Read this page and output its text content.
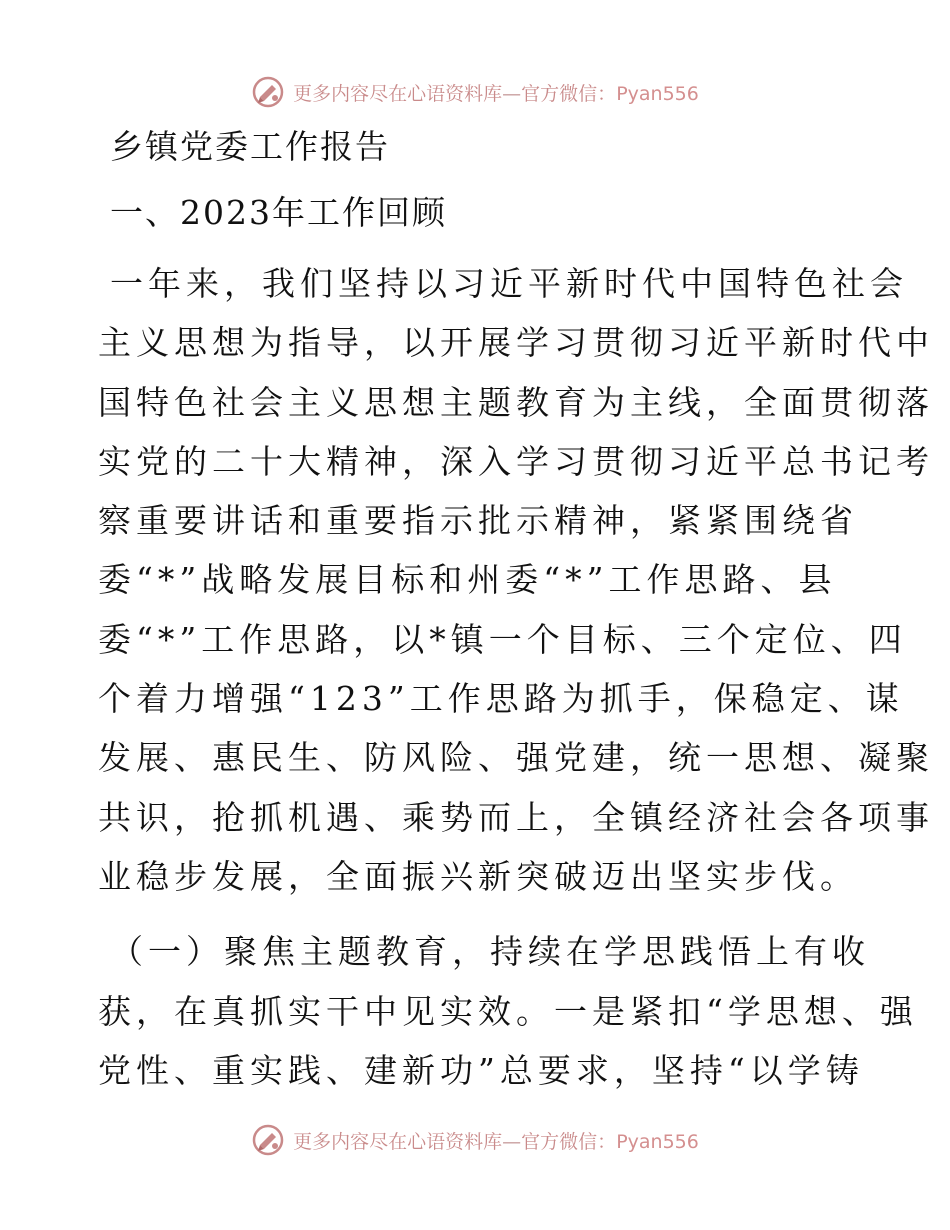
更多内容尽在心语资料库—官方微信：Pyan556
乡镇党委工作报告
一、2023年工作回顾
一年来，我们坚持以习近平新时代中国特色社会
主义思想为指导，以开展学习贯彻习近平新时代中
国特色社会主义思想主题教育为主线，全面贯彻落
实党的二十大精神，深入学习贯彻习近平总书记考
察重要讲话和重要指示批示精神，紧紧围绕省
委“*”战略发展目标和州委“*”工作思路、县
委“*”工作思路，以*镇一个目标、三个定位、四
个着力增强“123”工作思路为抓手，保稳定、谋
发展、惠民生、防风险、强党建，统一思想、凝聚
共识，抢抓机遇、乘势而上，全镇经济社会各项事
业稳步发展，全面振兴新突破迈出坚实步伐。
（一）聚焦主题教育，持续在学思践悟上有收
获，在真抓实干中见实效。一是紧扣“学思想、强
党性、重实践、建新功”总要求，坚持“以学铸
更多内容尽在心语资料库—官方微信：Pyan556
